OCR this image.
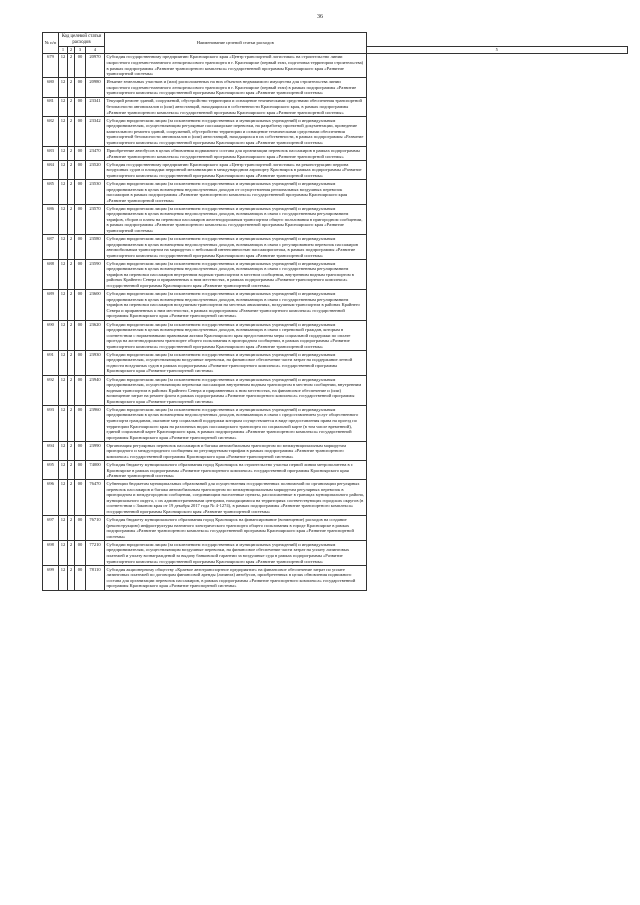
36
№ п/п	Код целевой статьи расходов				Наименование целевой статьи расходов	
	1	2	3	4		5
679	12	2	00	20970	Субсидия государственному предприятию Красноярского края «Центр транспортной логистики» на строительство линии скоростного подземно-наземного легкорельсового транспорта в г. Красноярске (первый этап, подготовка территории строительства) в рамках подпрограммы «Развитие транспортного комплекса» государственной программы Красноярского края «Развитие транспортной системы»	
680	12	2	00	20980	Изъятие земельных участков и (или) расположенных на них объектов недвижимого имущества для строительства линии скоростного подземно-наземного легкорельсового транспорта в г. Красноярске (первый этап) в рамках подпрограммы «Развитие транспортного комплекса» государственной программы Красноярского края «Развитие транспортной системы»	
681	12	2	00	23341	Текущий ремонт зданий, сооружений, обустройство территории и оснащение техническими средствами обеспечения транспортной безопасности автовокзалов и (или) автостанций, находящихся в собственности Красноярского края, в рамках подпрограммы «Развитие транспортного комплекса» государственной программы Красноярского края «Развитие транспортной системы»	
682	12	2	00	23342	Субсидии юридическим лицам (за исключением государственных и муниципальных учреждений) и индивидуальным предпринимателям, осуществляющим регулярные пассажирские перевозки, на разработку проектной документации, проведение капитального ремонта зданий, сооружений, обустройство территории и оснащение техническими средствами обеспечения транспортной безопасности автовокзалов и (или) автостанций, находящихся в их собственности, в рамках подпрограммы «Развитие транспортного комплекса» государственной программы Красноярского края «Развитие транспортной системы»	
683	12	2	00	23470	Приобретение автобусов в целях обновления подвижного состава для организации перевозок пассажиров в рамках подпрограммы «Развитие транспортного комплекса» государственной программы Красноярского края «Развитие транспортной системы»	
684	12	2	00	23520	Субсидия государственному предприятию Красноярского края «Центр транспортной логистики» на реконструкцию перрона воздушных судов и площадки перронной механизации в международном аэропорту Красноярск в рамках подпрограммы «Развитие транспортного комплекса» государственной программы Красноярского края «Развитие транспортной системы»	
685	12	2	00	23530	Субсидии юридическим лицам (за исключением государственных и муниципальных учреждений) и индивидуальным предпринимателям в целях возмещения недополученных доходов от осуществления региональных воздушных перевозок пассажиров в рамках подпрограммы «Развитие транспортного комплекса» государственной программы Красноярского края «Развитие транспортной системы»	
686	12	2	00	23570	Субсидии юридическим лицам (за исключением государственных и муниципальных учреждений) и индивидуальным предпринимателям в целях возмещения недополученных доходов, возникающих в связи с государственным регулированием тарифов, сборов и платы на перевозки пассажиров железнодорожным транспортом общего пользования в пригородном сообщении, в рамках подпрограммы «Развитие транспортного комплекса» государственной программы Красноярского края «Развитие транспортной системы»	
687	12	2	00	23580	Субсидии юридическим лицам (за исключением государственных и муниципальных учреждений) и индивидуальным предпринимателям в целях возмещения недополученных доходов, возникающих в связи с регулированием перевозок пассажиров автомобильным транспортом на маршрутах с небольшой интенсивностью пассажиропотока, в рамках подпрограммы «Развитие транспортного комплекса» государственной программы Красноярского края «Развитие транспортной системы»	
688	12	2	00	23590	Субсидии юридическим лицам (за исключением государственных и муниципальных учреждений) и индивидуальным предпринимателям в целях возмещения недополученных доходов, возникающих в связи с государственным регулированием тарифов на перевозки пассажиров внутренним водным транспортом в местном сообщении, внутренним водным транспортом в районах Крайнего Севера и приравненных к ним местностях, в рамках подпрограммы «Развитие транспортного комплекса» государственной программы Красноярского края «Развитие транспортной системы»	
689	12	2	00	23600	Субсидии юридическим лицам (за исключением государственных и муниципальных учреждений) и индивидуальным предпринимателям в целях возмещения недополученных доходов, возникающих в связи с государственным регулированием тарифов на перевозки пассажиров воздушным транспортом на местных авиалиниях, воздушным транспортом в районах Крайнего Севера и приравненных к ним местностях, в рамках подпрограммы «Развитие транспортного комплекса» государственной программы Красноярского края «Развитие транспортной системы»	
690	12	2	00	23620	Субсидии юридическим лицам (за исключением государственных и муниципальных учреждений) и индивидуальным предпринимателям в целях возмещения недополученных доходов, возникающих в связи с перевозкой граждан, которым в соответствии с нормативными правовыми актами Красноярского края предоставлены меры социальной поддержки по оплате проезда на железнодорожном транспорте общего пользования в пригородном сообщении, в рамках подпрограммы «Развитие транспортного комплекса» государственной программы Красноярского края «Развитие транспортной системы»	
691	12	2	00	23930	Субсидии юридическим лицам (за исключением государственных и муниципальных учреждений) и индивидуальным предпринимателям, осуществляющим воздушные перевозки, на финансовое обеспечение части затрат на поддержание летной годности воздушных судов в рамках подпрограммы «Развитие транспортного комплекса» государственной программы Красноярского края «Развитие транспортной системы»	
692	12	2	00	23940	Субсидии юридическим лицам (за исключением государственных и муниципальных учреждений) и индивидуальным предпринимателям, осуществляющим перевозки пассажиров внутренним водным транспортом в местном сообщении, внутренним водным транспортом в районах Крайнего Севера и приравненных к ним местностях, на финансовое обеспечение и (или) возмещение затрат на ремонт флота в рамках подпрограммы «Развитие транспортного комплекса» государственной программы Красноярского края «Развитие транспортной системы»	
693	12	2	00	23960	Субсидии юридическим лицам (за исключением государственных и муниципальных учреждений) и индивидуальным предпринимателям в целях возмещения недополученных доходов, возникающих в связи с предоставлением услуг общественного транспорта гражданам, оказание мер социальной поддержки которым осуществляется в виде предоставления права на проезд по территории Красноярского края на различных видах пассажирского транспорта по социальной карте (в том числе временной), единой социальной карте Красноярского края, в рамках подпрограммы «Развитие транспортного комплекса» государственной программы Красноярского края «Развитие транспортной системы»	
694	12	2	00	23990	Организация регулярных перевозок пассажиров и багажа автомобильным транспортом по межмуниципальным маршрутам пригородного и междугородного сообщения по регулируемым тарифам в рамках подпрограммы «Развитие транспортного комплекса» государственной программы Красноярского края «Развитие транспортной системы»	
695	12	2	00	74000	Субсидия бюджету муниципального образования город Красноярск на строительство участка первой линии метрополитена в г. Красноярске в рамках подпрограммы «Развитие транспортного комплекса» государственной программы Красноярского края «Развитие транспортной системы»	
696	12	2	00	76470	Субвенции бюджетам муниципальных образований для осуществления государственных полномочий по организации регулярных перевозок пассажиров и багажа автомобильным транспортом по межмуниципальным маршрутам регулярных перевозок в пригородном и междугородном сообщении, соединяющим населенные пункты, расположенные в границах муниципального района, муниципального округа, с их административными центрами, находящимися на территориях соответствующих городских округов (в соответствии с Законом края от 19 декабря 2017 года № 4-1274), в рамках подпрограммы «Развитие транспортного комплекса» государственной программы Красноярского края «Развитие транспортной системы»	
697	12	2	00	76710	Субсидия бюджету муниципального образования город Красноярск на финансирование (возмещение) расходов на создание (реконструкцию) инфраструктуры наземного электрического транспорта общего пользования в городе Красноярске в рамках подпрограммы «Развитие транспортного комплекса» государственной программы Красноярского края «Развитие транспортной системы»	
698	12	2	00	77210	Субсидии юридическим лицам (за исключением государственных и муниципальных учреждений) и индивидуальным предпринимателям, осуществляющим воздушные перевозки, на финансовое обеспечение части затрат на уплату лизинговых платежей и уплату вознаграждений за выдачу банковской гарантии за воздушные суда в рамках подпрограммы «Развитие транспортного комплекса» государственной программы Красноярского края «Развитие транспортной системы»	
699	12	2	00	78110	Субсидия акционерному обществу «Краевое автотранспортное предприятие» на финансовое обеспечение затрат по уплате лизинговых платежей по договорам финансовой аренды (лизинга) автобусов, приобретенных в целях обновления подвижного состава для организации перевозок пассажиров, в рамках подпрограммы «Развитие транспортного комплекса» государственной программы Красноярского края «Развитие транспортной системы»	
